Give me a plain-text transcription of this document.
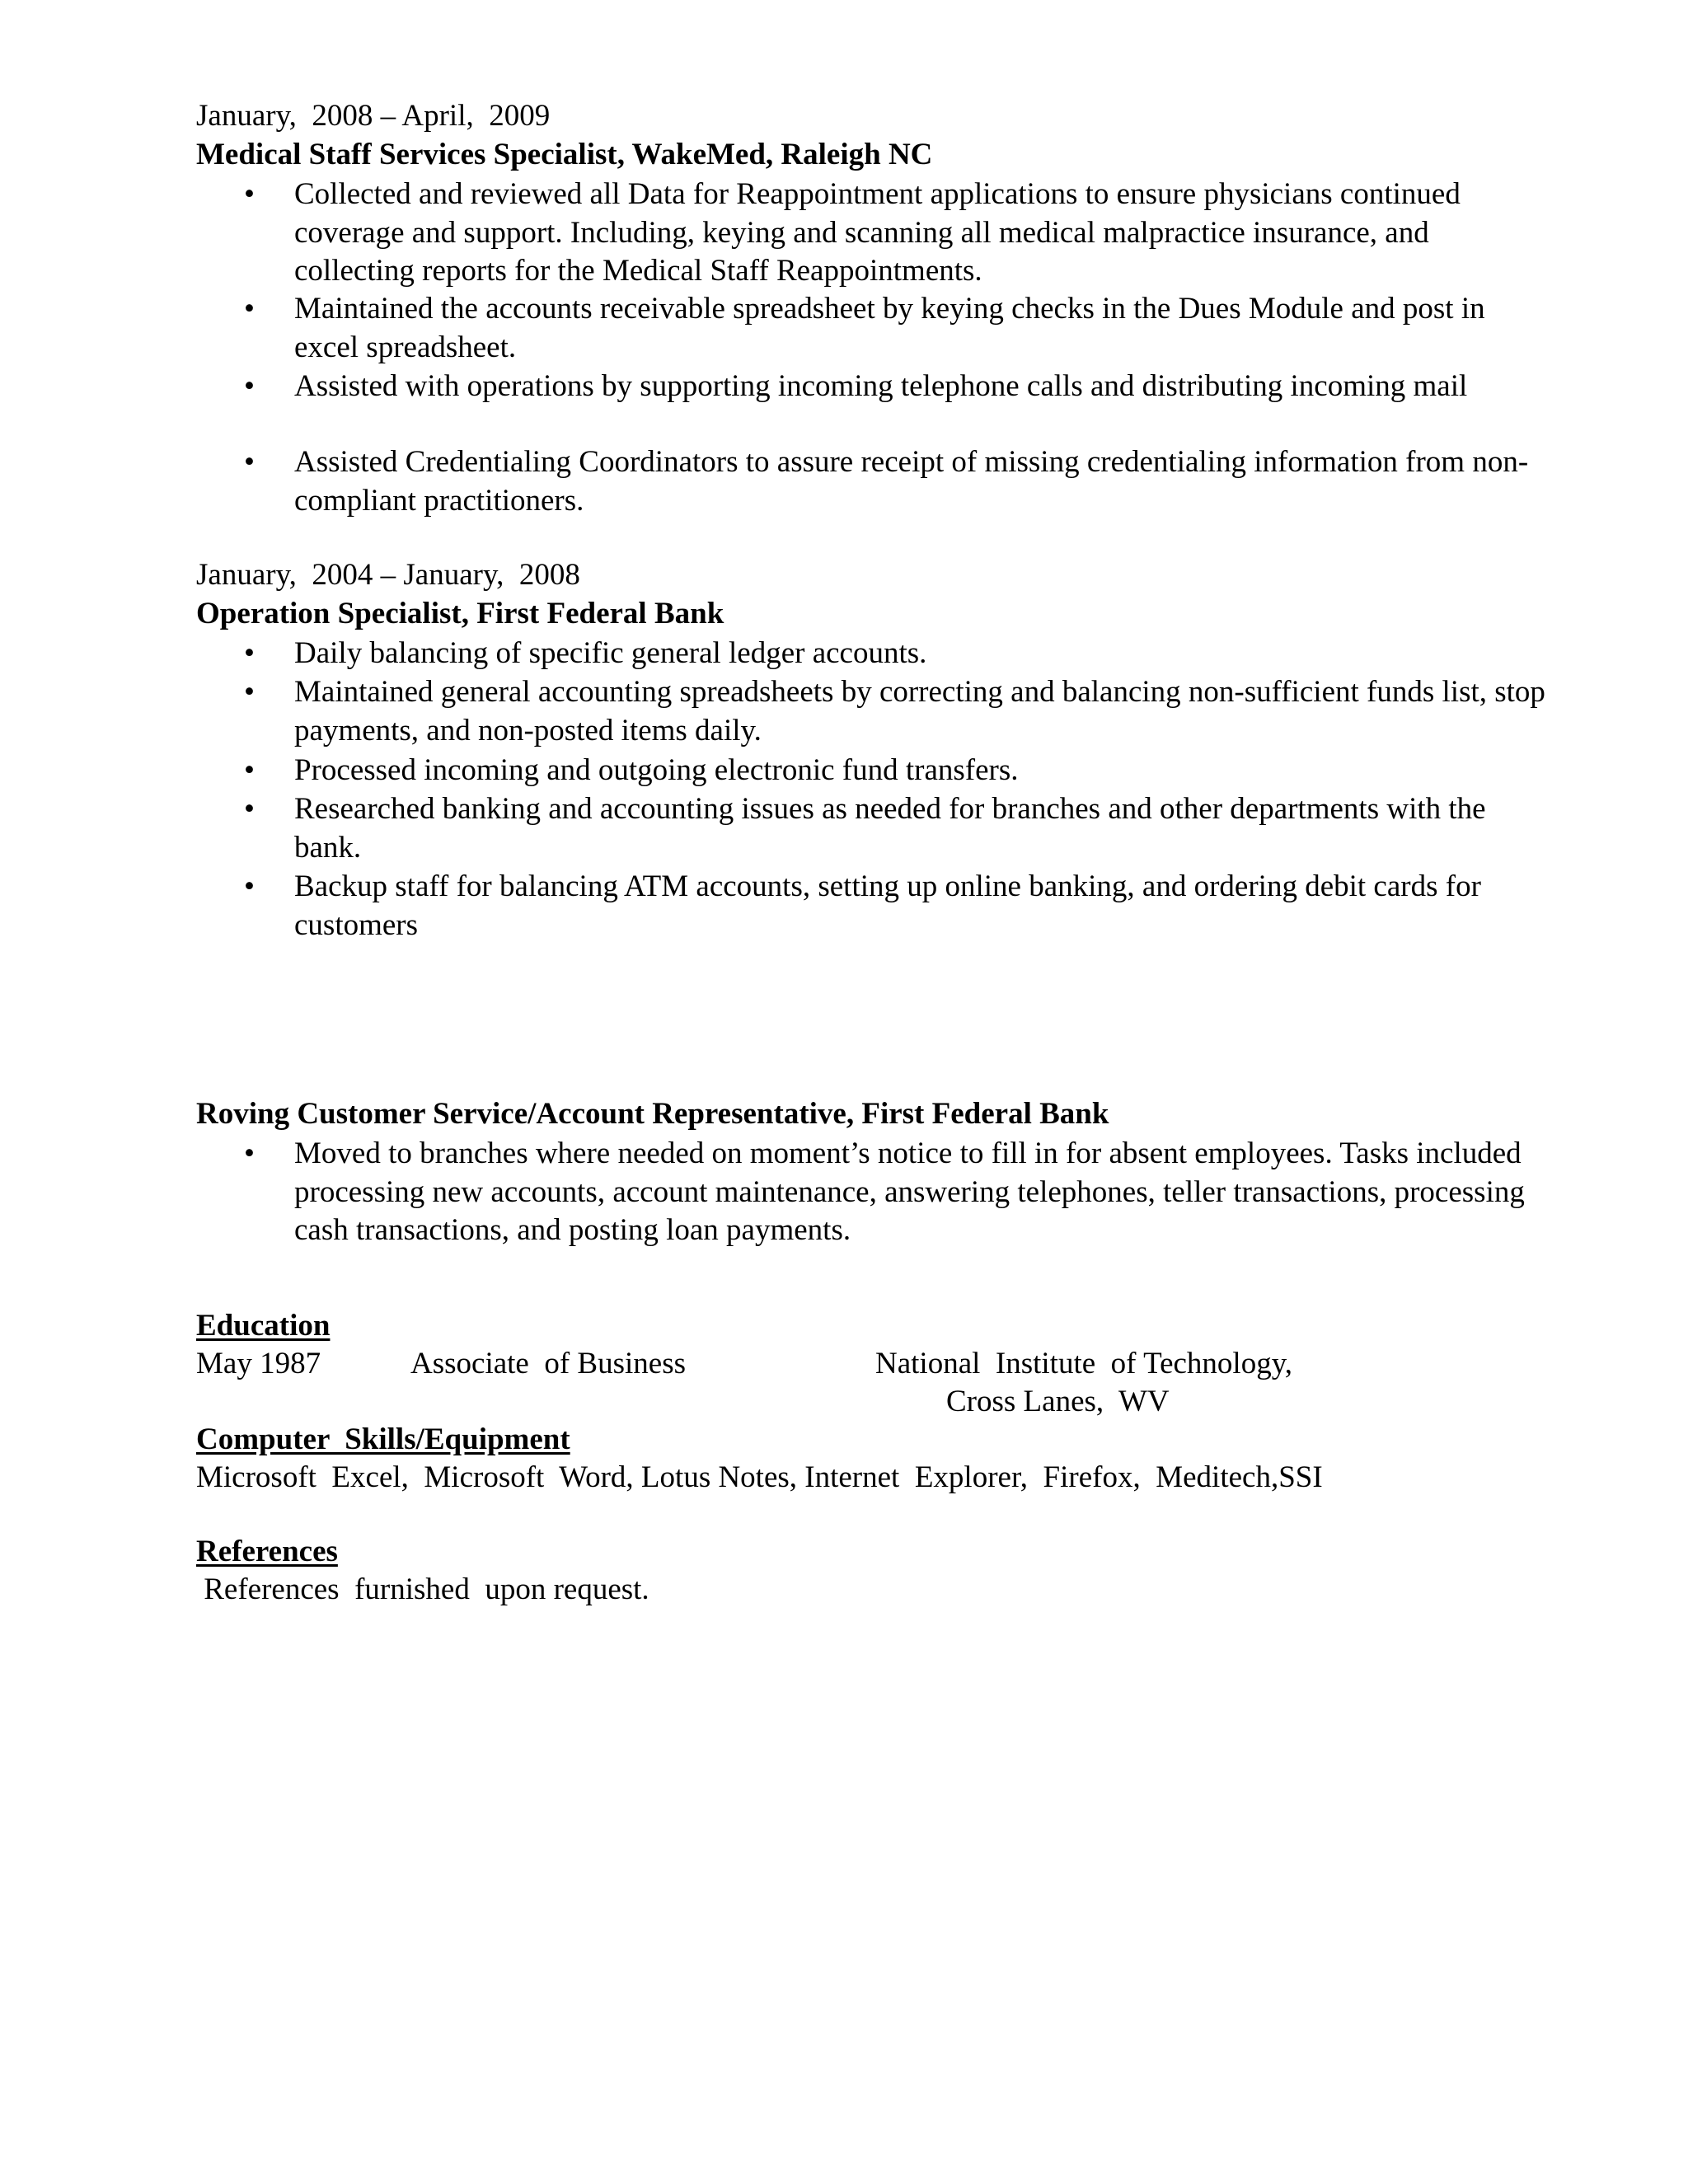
January,  2008 – April,  2009
Medical Staff Services Specialist, WakeMed, Raleigh NC
• Collected and reviewed all Data for Reappointment applications to ensure physicians continued coverage and support. Including, keying and scanning all medical malpractice insurance, and collecting reports for the Medical Staff Reappointments.
• Maintained the accounts receivable spreadsheet by keying checks in the Dues Module and post in excel spreadsheet.
• Assisted with operations by supporting incoming telephone calls and distributing incoming mail
• Assisted Credentialing Coordinators to assure receipt of missing credentialing information from non-compliant practitioners.
January,  2004 – January,  2008
Operation Specialist, First Federal Bank
• Daily balancing of specific general ledger accounts.
• Maintained general accounting spreadsheets by correcting and balancing non-sufficient funds list, stop payments, and non-posted items daily.
• Processed incoming and outgoing electronic fund transfers.
• Researched banking and accounting issues as needed for branches and other departments with the bank.
• Backup staff for balancing ATM accounts, setting up online banking, and ordering debit cards for customers
Roving Customer Service/Account Representative, First Federal Bank
• Moved to branches where needed on moment’s notice to fill in for absent employees. Tasks included processing new accounts, account maintenance, answering telephones, teller transactions, processing cash transactions, and posting loan payments.
Education
May 1987	Associate  of Business	National  Institute  of Technology,
Cross Lanes,  WV
Computer  Skills/Equipment
Microsoft  Excel,  Microsoft  Word, Lotus Notes, Internet  Explorer,  Firefox,  Meditech,SSI
References
References  furnished  upon request.
